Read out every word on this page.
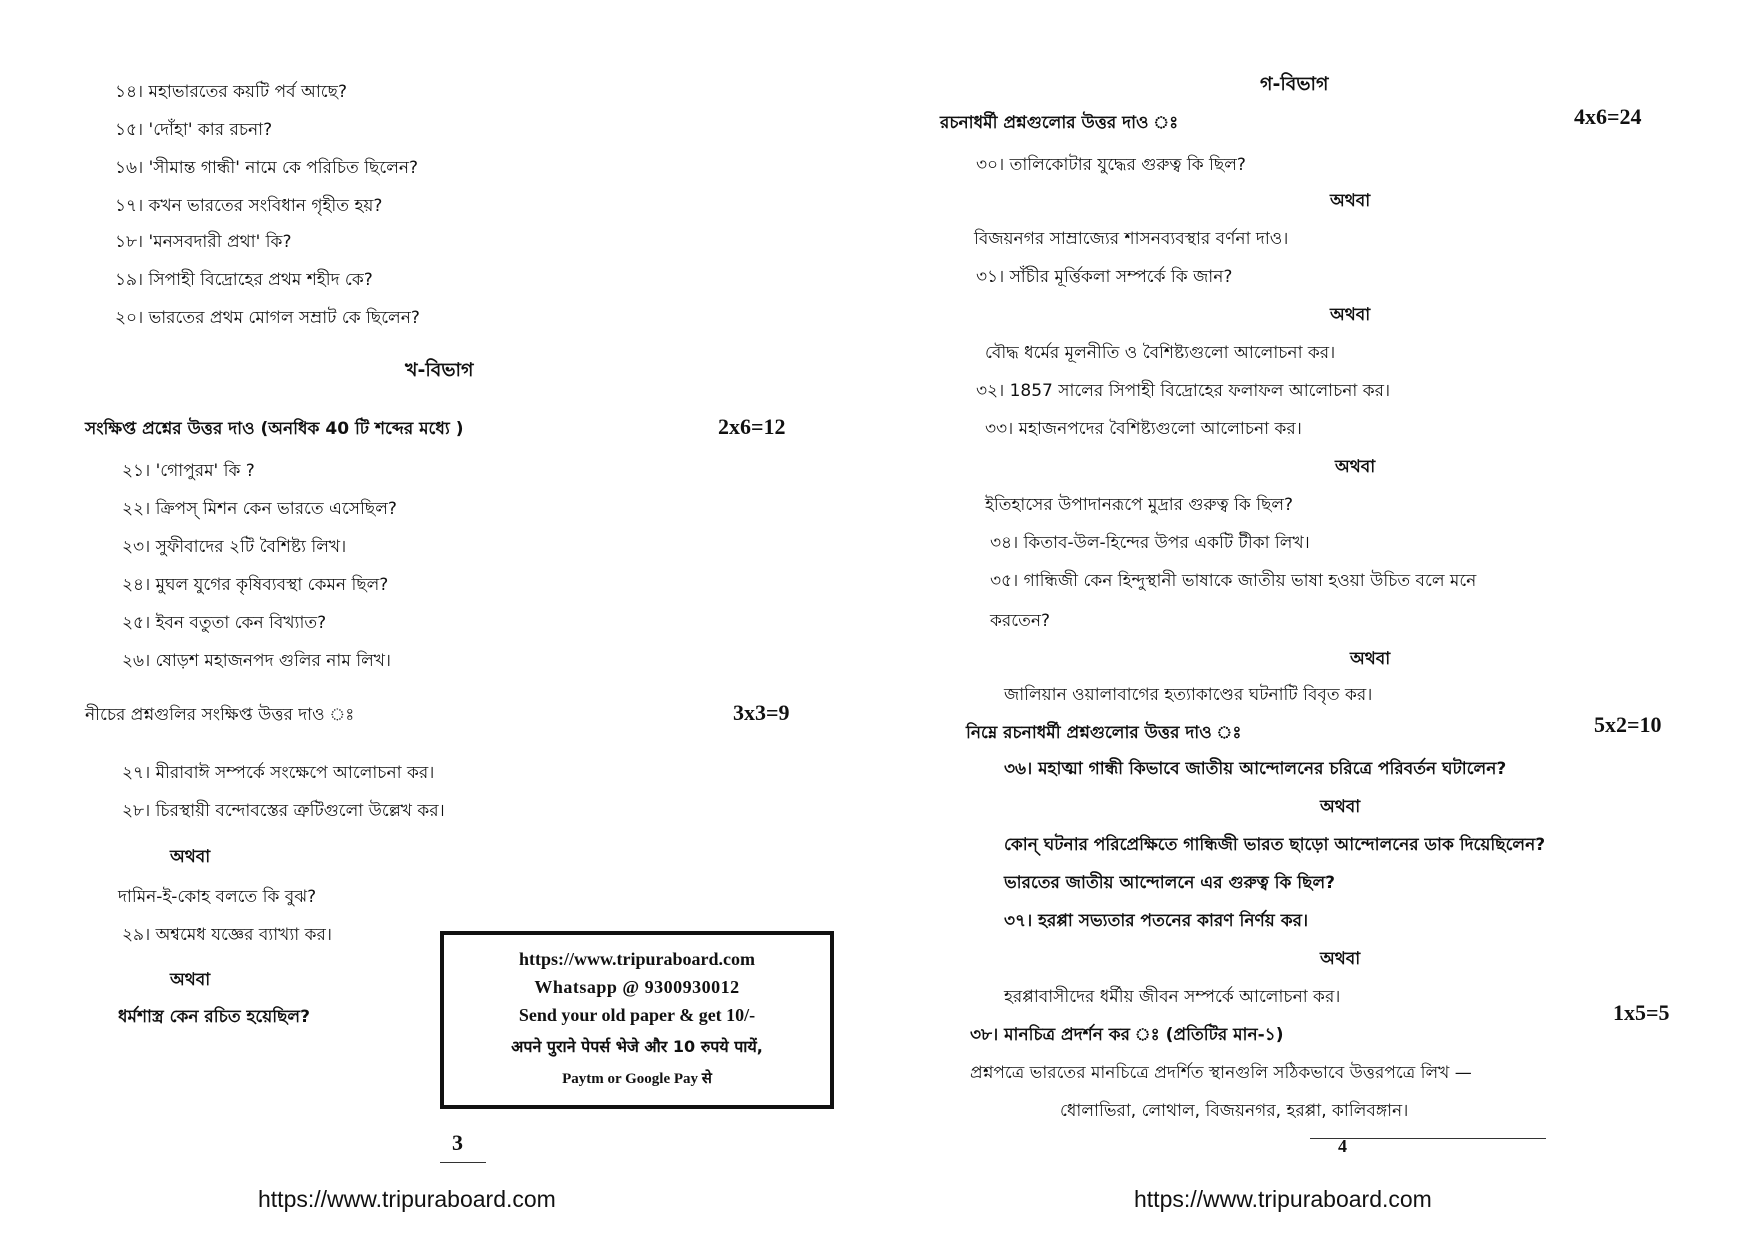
১৪। মহাভারতের কয়টি পর্ব আছে?
১৫। 'দোঁহা' কার রচনা?
১৬। 'সীমান্ত গান্ধী' নামে কে পরিচিত ছিলেন?
১৭। কখন ভারতের সংবিধান গৃহীত হয়?
১৮। 'মনসবদারী প্রথা' কি?
১৯। সিপাহী বিদ্রোহের প্রথম শহীদ কে?
২০। ভারতের প্রথম মোগল সম্রাট কে ছিলেন?
খ-বিভাগ
সংক্ষিপ্ত প্রশ্নের উত্তর দাও (অনধিক 40 টি শব্দের মধ্যে )	2x6=12
২১। 'গোপুরম' কি ?
২২। ক্রিপস্ মিশন কেন ভারতে এসেছিল?
২৩। সুফীবাদের ২টি বৈশিষ্ট্য লিখ।
২৪। মুঘল যুগের কৃষিব্যবস্থা কেমন ছিল?
২৫। ইবন বতুতা কেন বিখ্যাত?
২৬। ষোড়শ মহাজনপদ গুলির নাম লিখ।
নীচের প্রশ্নগুলির সংক্ষিপ্ত উত্তর দাও ঃ	3x3=9
২৭। মীরাবাঈ সম্পর্কে সংক্ষেপে আলোচনা কর।
২৮। চিরস্থায়ী বন্দোবস্তের ত্রুটিগুলো উল্লেখ কর।
অথবা
দামিন-ই-কোহ বলতে কি বুঝ?
২৯। অশ্বমেধ যজ্ঞের ব্যাখ্যা কর।
অথবা
ধর্মশাস্ত্র কেন রচিত হয়েছিল?
3
https://www.tripuraboard.com
https://www.tripuraboard.com
Whatsapp @ 9300930012
Send your old paper & get 10/-
अपने पुराने पेपर्स भेजे और 10 रुपये पायें,
Paytm or Google Pay से
গ-বিভাগ
রচনাধর্মী প্রশ্নগুলোর উত্তর দাও ঃ	4x6=24
৩০। তালিকোটার যুদ্ধের গুরুত্ব কি ছিল?
অথবা
বিজয়নগর সাম্রাজ্যের শাসনব্যবস্থার বর্ণনা দাও।
৩১। সাঁচীর মূর্ত্তিকলা সম্পর্কে কি জান?
অথবা
বৌদ্ধ ধর্মের মূলনীতি ও বৈশিষ্ট্যগুলো আলোচনা কর।
৩২। 1857 সালের সিপাহী বিদ্রোহের ফলাফল আলোচনা কর।
৩৩। মহাজনপদের বৈশিষ্ট্যগুলো আলোচনা কর।
অথবা
ইতিহাসের উপাদানরূপে মুদ্রার গুরুত্ব কি ছিল?
৩৪। কিতাব-উল-হিন্দের উপর একটি টীকা লিখ।
৩৫। গান্ধিজী কেন হিন্দুস্থানী ভাষাকে জাতীয় ভাষা হওয়া উচিত বলে মনে
করতেন?
অথবা
জালিয়ান ওয়ালাবাগের হত্যাকাণ্ডের ঘটনাটি বিবৃত কর।
নিম্নে রচনাধর্মী প্রশ্নগুলোর উত্তর দাও ঃ	5x2=10
৩৬। মহাত্মা গান্ধী কিভাবে জাতীয় আন্দোলনের চরিত্রে পরিবর্তন ঘটালেন?
অথবা
কোন্ ঘটনার পরিপ্রেক্ষিতে গান্ধিজী ভারত ছাড়ো আন্দোলনের ডাক দিয়েছিলেন?
ভারতের জাতীয় আন্দোলনে এর গুরুত্ব কি ছিল?
৩৭। হরপ্পা সভ্যতার পতনের কারণ নির্ণয় কর।
অথবা
হরপ্পাবাসীদের ধর্মীয় জীবন সম্পর্কে আলোচনা কর।
1x5=5
৩৮। মানচিত্র প্রদর্শন কর ঃ (প্রতিটির মান-১)
প্রশ্নপত্রে ভারতের মানচিত্রে প্রদর্শিত স্থানগুলি সঠিকভাবে উত্তরপত্রে লিখ —
ধোলাভিরা, লোথাল, বিজয়নগর, হরপ্পা, কালিবঙ্গান।
4
https://www.tripuraboard.com
